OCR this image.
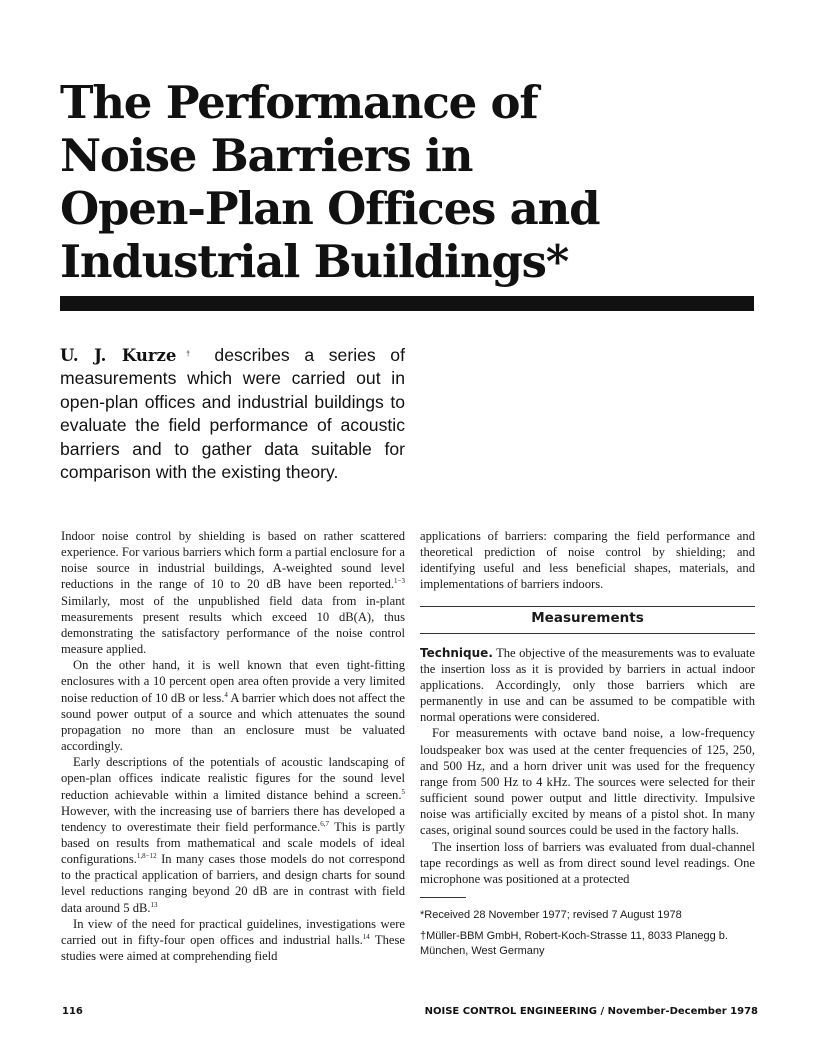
The Performance of
Noise Barriers in
Open-Plan Offices and
Industrial Buildings*

U. J. Kurze† describes a series of measurements which were carried out in open-plan offices and industrial buildings to evaluate the field performance of acoustic barriers and to gather data suitable for comparison with the existing theory.

Indoor noise control by shielding is based on rather scattered experience. For various barriers which form a partial enclosure for a noise source in industrial buildings, A-weighted sound level reductions in the range of 10 to 20 dB have been reported.$^{1-3}$ Similarly, most of the unpublished field data from in-plant measurements present results which exceed 10 dB(A), thus demonstrating the satisfactory performance of the noise control measure applied.

On the other hand, it is well known that even tight-fitting enclosures with a 10 percent open area often provide a very limited noise reduction of 10 dB or less.$^4$ A barrier which does not affect the sound power output of a source and which attenuates the sound propagation no more than an enclosure must be valuated accordingly.

Early descriptions of the potentials of acoustic landscaping of open-plan offices indicate realistic figures for the sound level reduction achievable within a limited distance behind a screen.$^5$ However, with the increasing use of barriers there has developed a tendency to overestimate their field performance.$^{6,7}$ This is partly based on results from mathematical and scale models of ideal configurations.$^{1,8-12}$ In many cases those models do not correspond to the practical application of barriers, and design charts for sound level reductions ranging beyond 20 dB are in contrast with field data around 5 dB.$^{13}$

In view of the need for practical guidelines, investigations were carried out in fifty-four open offices and industrial halls.$^{14}$ These studies were aimed at comprehending field

applications of barriers: comparing the field performance and theoretical prediction of noise control by shielding; and identifying useful and less beneficial shapes, materials, and implementations of barriers indoors.

Measurements

Technique. The objective of the measurements was to evaluate the insertion loss as it is provided by barriers in actual indoor applications. Accordingly, only those barriers which are permanently in use and can be assumed to be compatible with normal operations were considered.

For measurements with octave band noise, a low-frequency loudspeaker box was used at the center frequencies of 125, 250, and 500 Hz, and a horn driver unit was used for the frequency range from 500 Hz to 4 kHz. The sources were selected for their sufficient sound power output and little directivity. Impulsive noise was artificially excited by means of a pistol shot. In many cases, original sound sources could be used in the factory halls.

The insertion loss of barriers was evaluated from dual-channel tape recordings as well as from direct sound level readings. One microphone was positioned at a protected

*Received 28 November 1977; revised 7 August 1978

†Müller-BBM GmbH, Robert-Koch-Strasse 11, 8033 Planegg b. München, West Germany

116	NOISE CONTROL ENGINEERING / November-December 1978
